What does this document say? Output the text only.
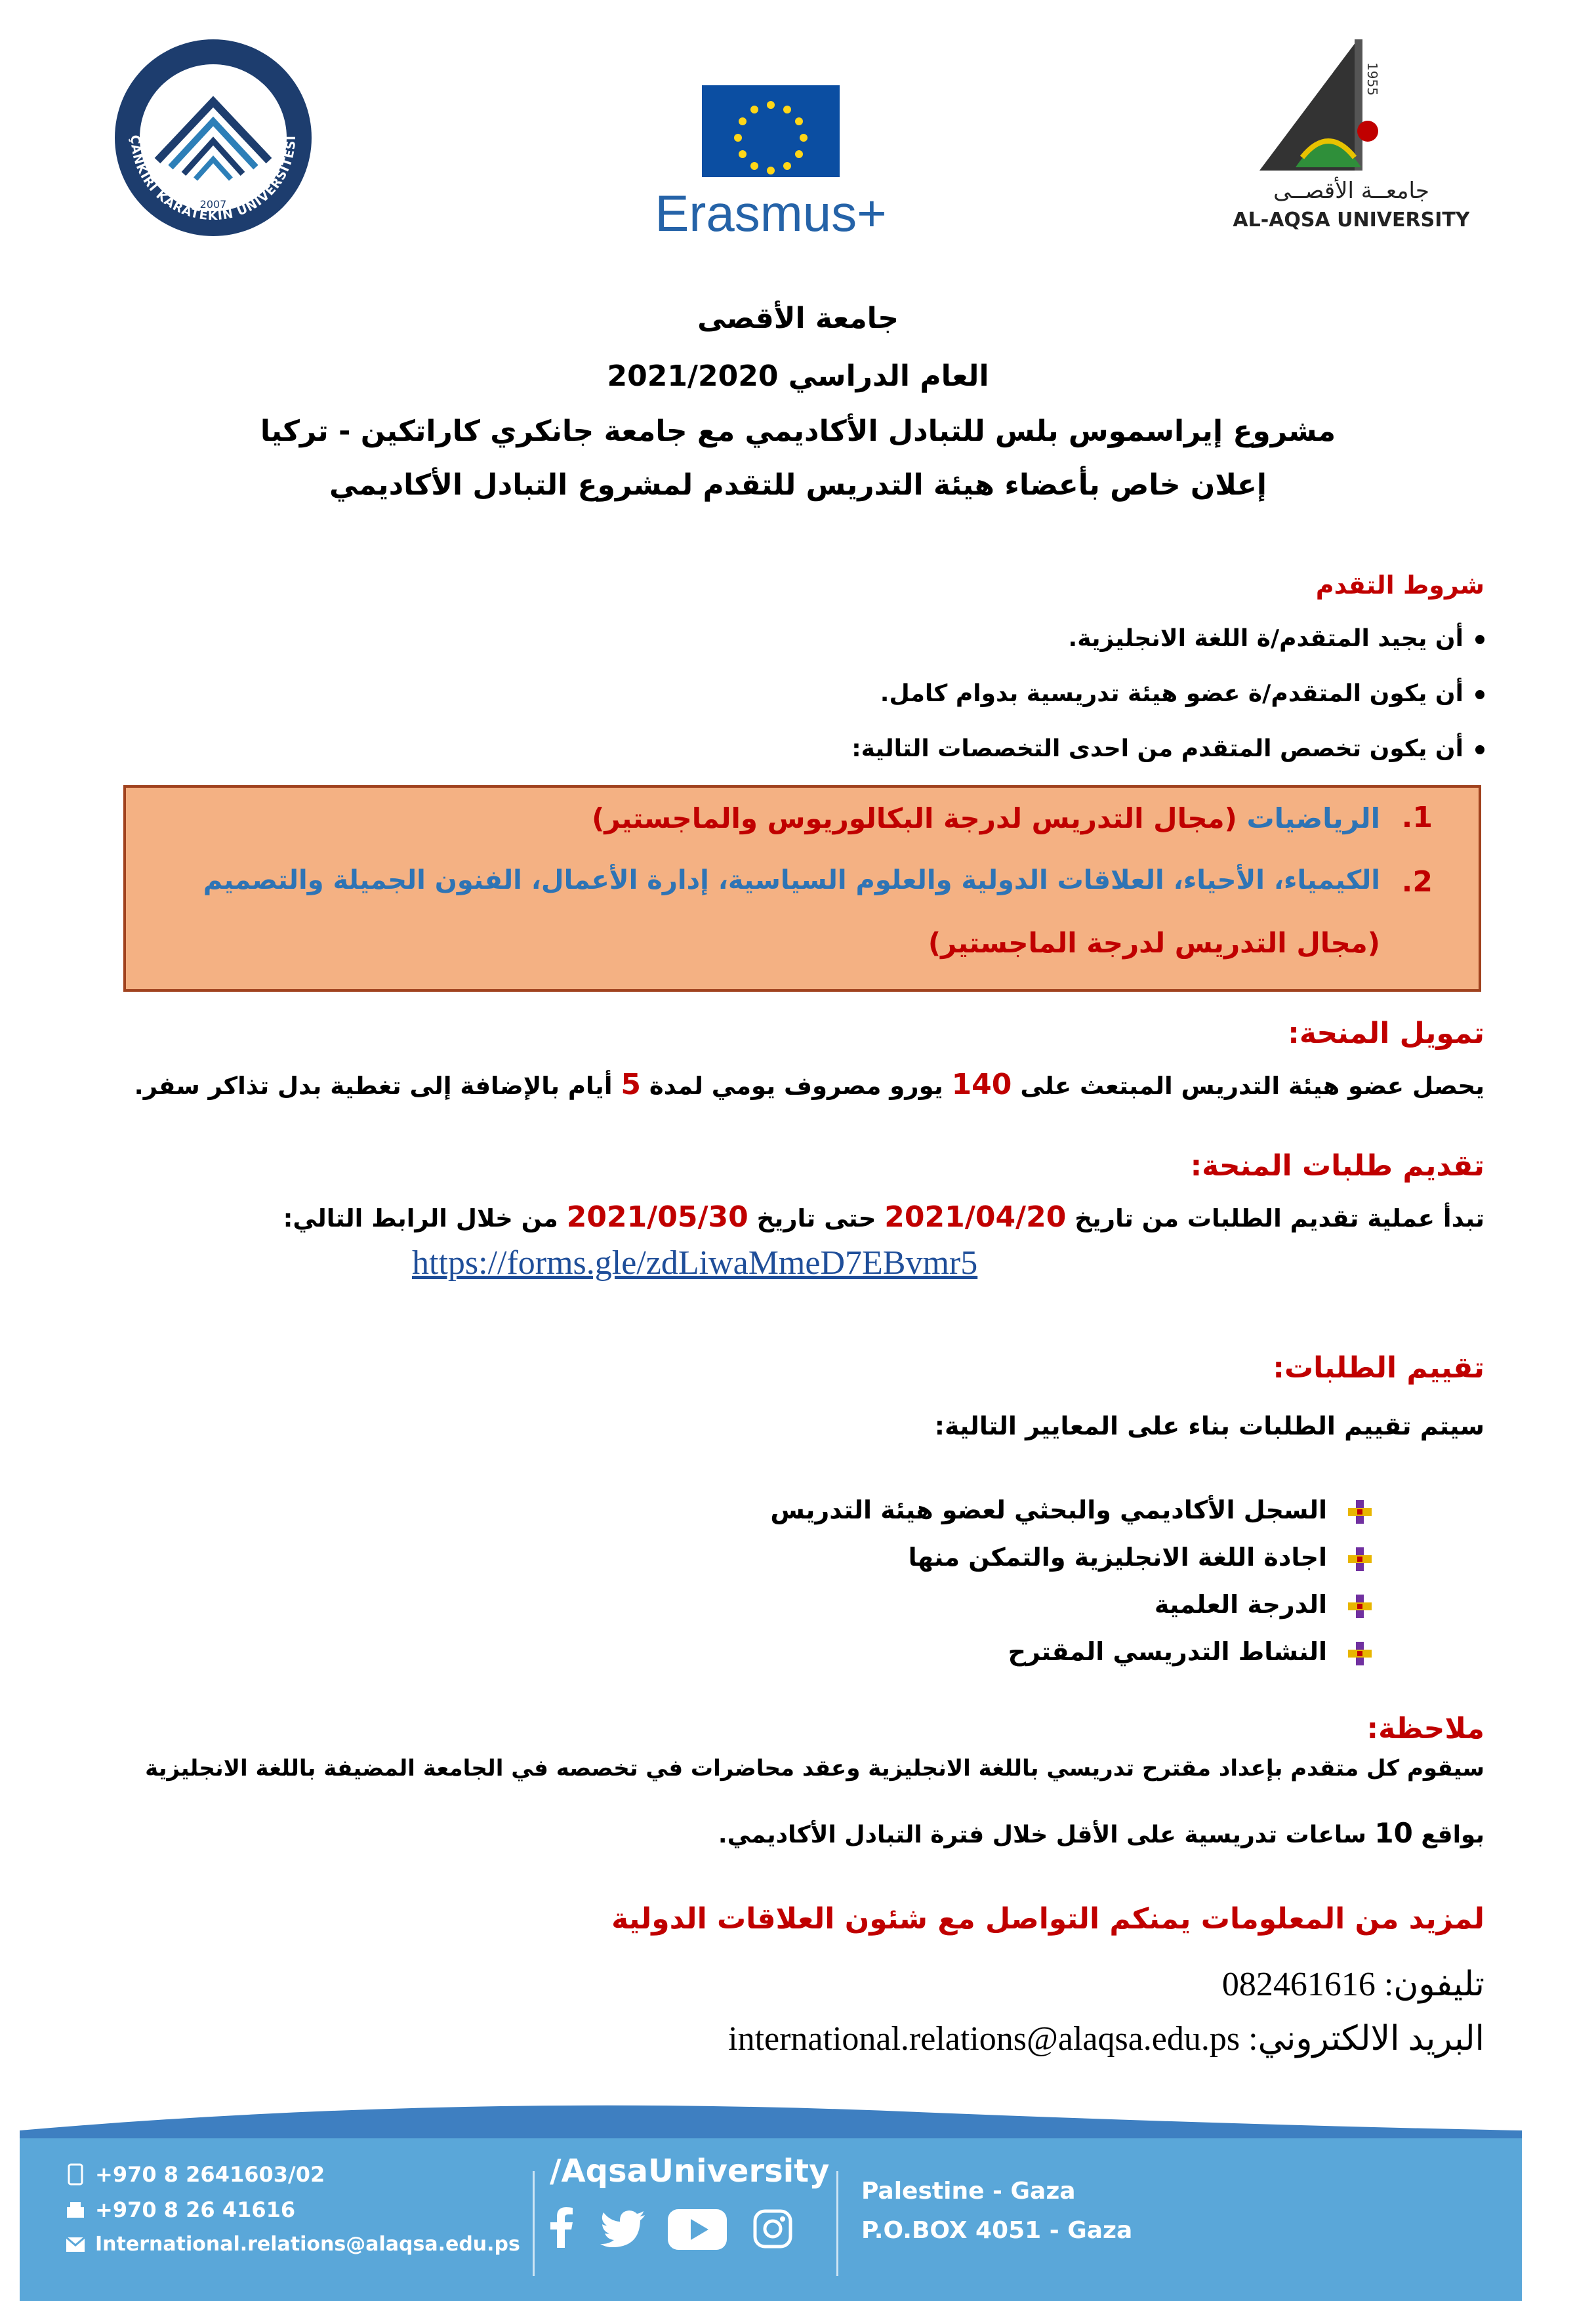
2007
ÇANKIRI KARATEKİN ÜNİVERSİTESİ
Erasmus+
1955
جامعــة الأقصــى
AL-AQSA UNIVERSITY
جامعة الأقصى
العام الدراسي 2021/2020
مشروع إيراسموس بلس للتبادل الأكاديمي مع جامعة جانكري كاراتكين - تركيا
إعلان خاص بأعضاء هيئة التدريس للتقدم لمشروع التبادل الأكاديمي
شروط التقدم
أن يجيد المتقدم/ة اللغة الانجليزية.
أن يكون المتقدم/ة عضو هيئة تدريسية بدوام كامل.
أن يكون تخصص المتقدم من احدى التخصصات التالية:
1.
الرياضيات (مجال التدريس لدرجة البكالوريوس والماجستير)
2.
الكيمياء، الأحياء، العلاقات الدولية والعلوم السياسية، إدارة الأعمال، الفنون الجميلة والتصميم
(مجال التدريس لدرجة الماجستير)
تمويل المنحة:
يحصل عضو هيئة التدريس المبتعث على 140 يورو مصروف يومي لمدة 5 أيام بالإضافة إلى تغطية بدل تذاكر سفر.
تقديم طلبات المنحة:
تبدأ عملية تقديم الطلبات من تاريخ 2021/04/20 حتى تاريخ 2021/05/30 من خلال الرابط التالي:
https://forms.gle/zdLiwaMmeD7EBvmr5
تقييم الطلبات:
سيتم تقييم الطلبات بناء على المعايير التالية:
السجل الأكاديمي والبحثي لعضو هيئة التدريس
اجادة اللغة الانجليزية والتمكن منها
الدرجة العلمية
النشاط التدريسي المقترح
ملاحظة:
سيقوم كل متقدم بإعداد مقترح تدريسي باللغة الانجليزية وعقد محاضرات في تخصصه في الجامعة المضيفة باللغة الانجليزية
بواقع 10 ساعات تدريسية على الأقل خلال فترة التبادل الأكاديمي.
لمزيد من المعلومات يمنكم التواصل مع شئون العلاقات الدولية
تليفون: 082461616
البريد الالكتروني: international.relations@alaqsa.edu.ps
+970 8 2641603/02
+970 8 26 41616
International.relations@alaqsa.edu.ps
/AqsaUniversity
Palestine - Gaza
P.O.BOX 4051 - Gaza
